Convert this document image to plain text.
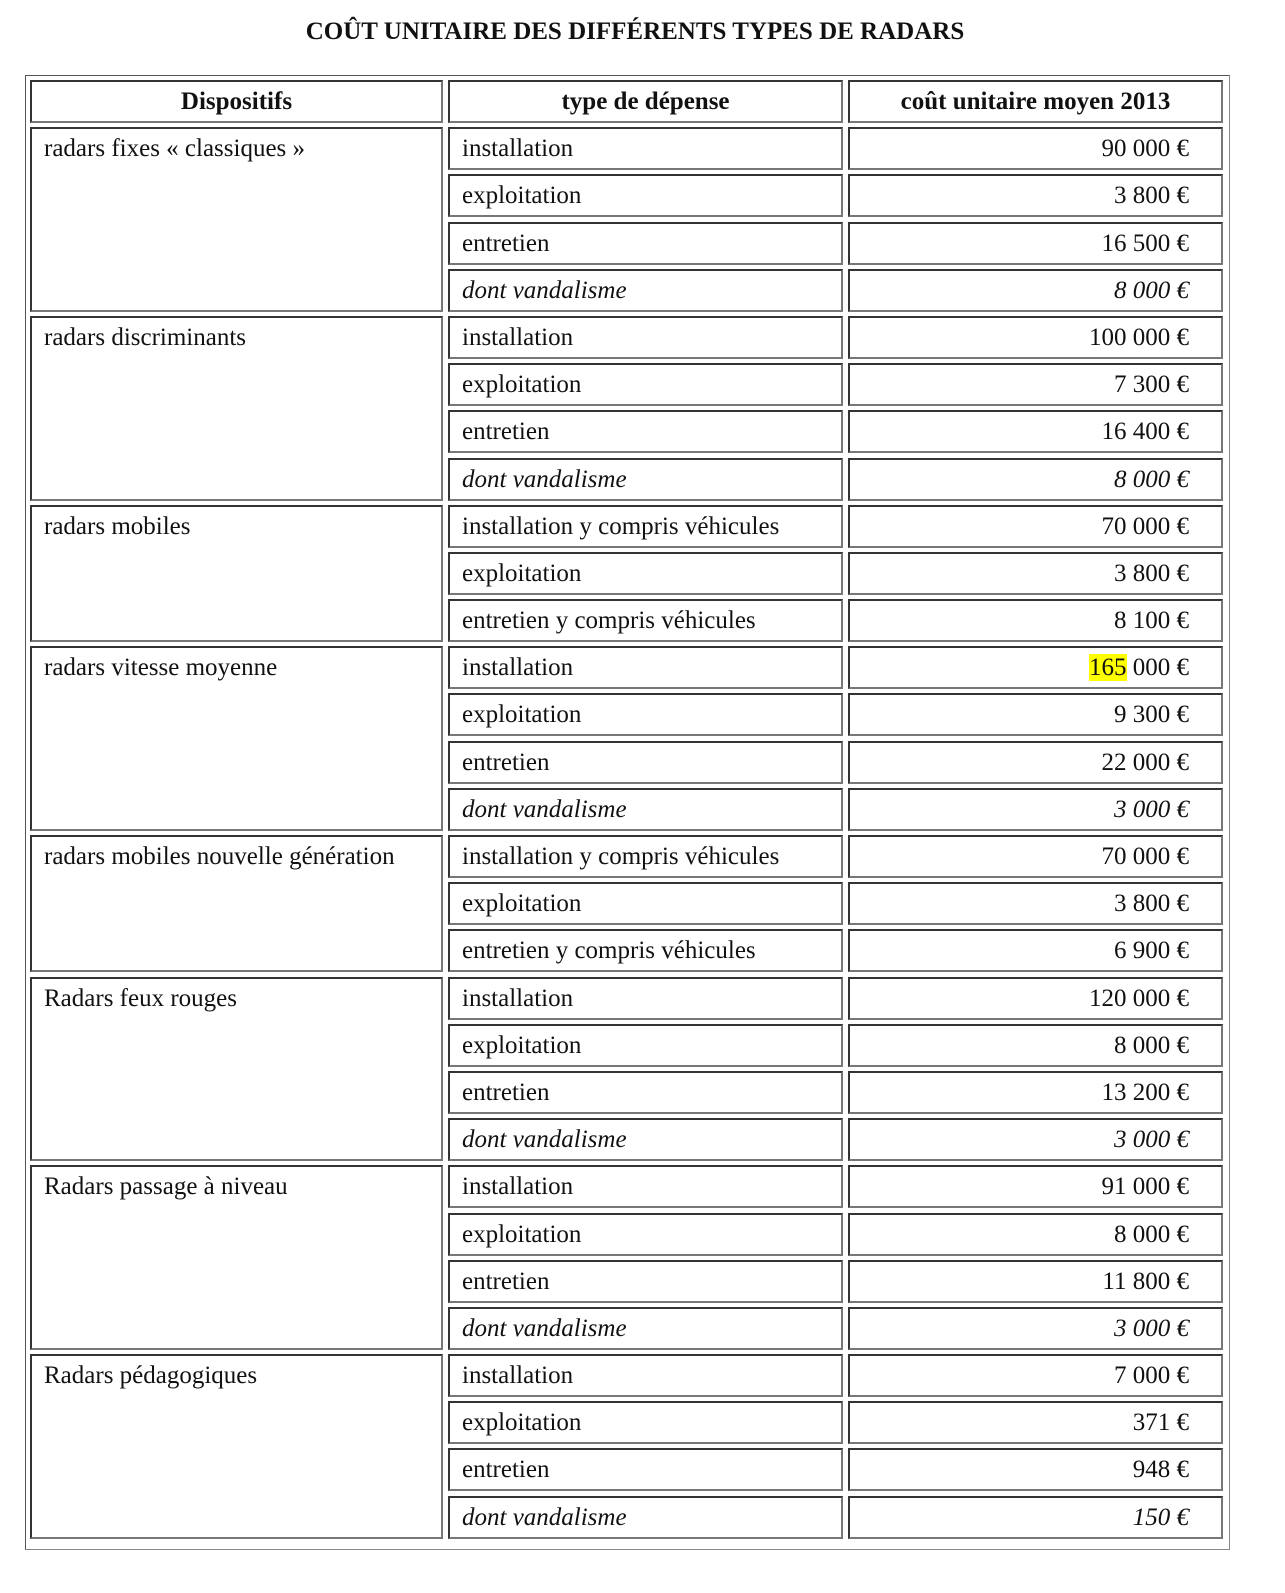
COÛT UNITAIRE DES DIFFÉRENTS TYPES DE RADARS
Dispositifs	type de dépense	coût unitaire moyen 2013
radars fixes « classiques »	installation	90 000 €
exploitation	3 800 €
entretien	16 500 €
dont vandalisme	8 000 €
radars discriminants	installation	100 000 €
exploitation	7 300 €
entretien	16 400 €
dont vandalisme	8 000 €
radars mobiles	installation y compris véhicules	70 000 €
exploitation	3 800 €
entretien y compris véhicules	8 100 €
radars vitesse moyenne	installation	165 000 €
exploitation	9 300 €
entretien	22 000 €
dont vandalisme	3 000 €
radars mobiles nouvelle génération	installation y compris véhicules	70 000 €
exploitation	3 800 €
entretien y compris véhicules	6 900 €
Radars feux rouges	installation	120 000 €
exploitation	8 000 €
entretien	13 200 €
dont vandalisme	3 000 €
Radars passage à niveau	installation	91 000 €
exploitation	8 000 €
entretien	11 800 €
dont vandalisme	3 000 €
Radars pédagogiques	installation	7 000 €
exploitation	371 €
entretien	948 €
dont vandalisme	150 €
